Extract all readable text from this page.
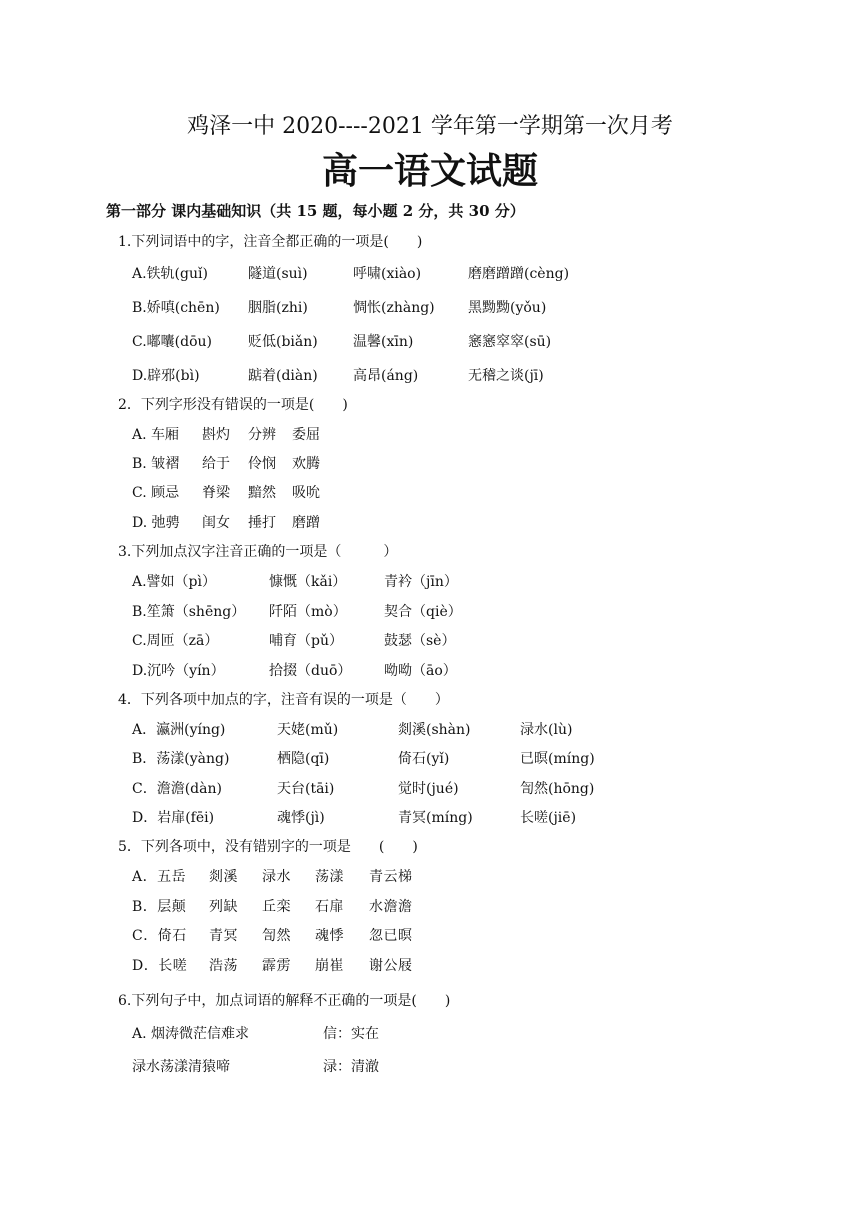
鸡泽一中 2020----2021 学年第一学期第一次月考
高一语文试题
第一部分 课内基础知识（共 15 题，每小题 2 分，共 30 分）
1.下列词语中的字，注音全都正确的一项是(　　)
A.铁轨(guǐ)	隧道(suì)	呼啸(xiào)	磨磨蹭蹭(cèng)
B.娇嗔(chēn) 胭脂(zhi)	惆怅(zhàng) 黑黝黝(yǒu)
C.嘟囔(dōu)	贬低(biǎn)	温馨(xīn)	窸窸窣窣(sū)
D.辟邪(bì)	踮着(diàn)	高昂(áng)	无稽之谈(jī)
2．下列字形没有错误的一项是(　　)
A. 车厢 斟灼 分辨 委屈
B. 皱褶 给于 伶悯 欢腾
C. 顾忌 脊梁 黯然 吸吮
D. 弛骋 闺女 捶打 磨蹭
3.下列加点汉字注音正确的一项是（　　　）
A.譬如（pì）	慷慨（kǎi）	青衿（jīn）
B.笙箫（shēng） 阡陌（mò）	契合（qiè）
C.周匝（zā）	哺育（pǔ）	鼓瑟（sè）
D.沉吟（yín）	拾掇（duō） 呦呦（āo）
4．下列各项中加点的字，注音有误的一项是（　　）
A．瀛洲(yíng)	天姥(mǔ)	剡溪(shàn)	渌水(lù)
B．荡漾(yàng)	栖隐(qī)	倚石(yǐ)	已暝(míng)
C．澹澹(dàn)	天台(tāi)	觉时(jué)	訇然(hōng)
D．岩扉(fēi)	魂悸(jì)	青冥(míng)	长嗟(jiē)
5．下列各项中，没有错别字的一项是　　(　　)
A．五岳 剡溪 渌水 荡漾 青云梯
B．层颠 列缺 丘栾 石扉 水澹澹
C．倚石 青冥 訇然 魂悸 忽已暝
D．长嗟 浩荡 霹雳 崩崔 谢公屐
6.下列句子中，加点词语的解释不正确的一项是(　　)
A. 烟涛微茫信难求	信：实在
渌水荡漾清猿啼	渌：清澈
